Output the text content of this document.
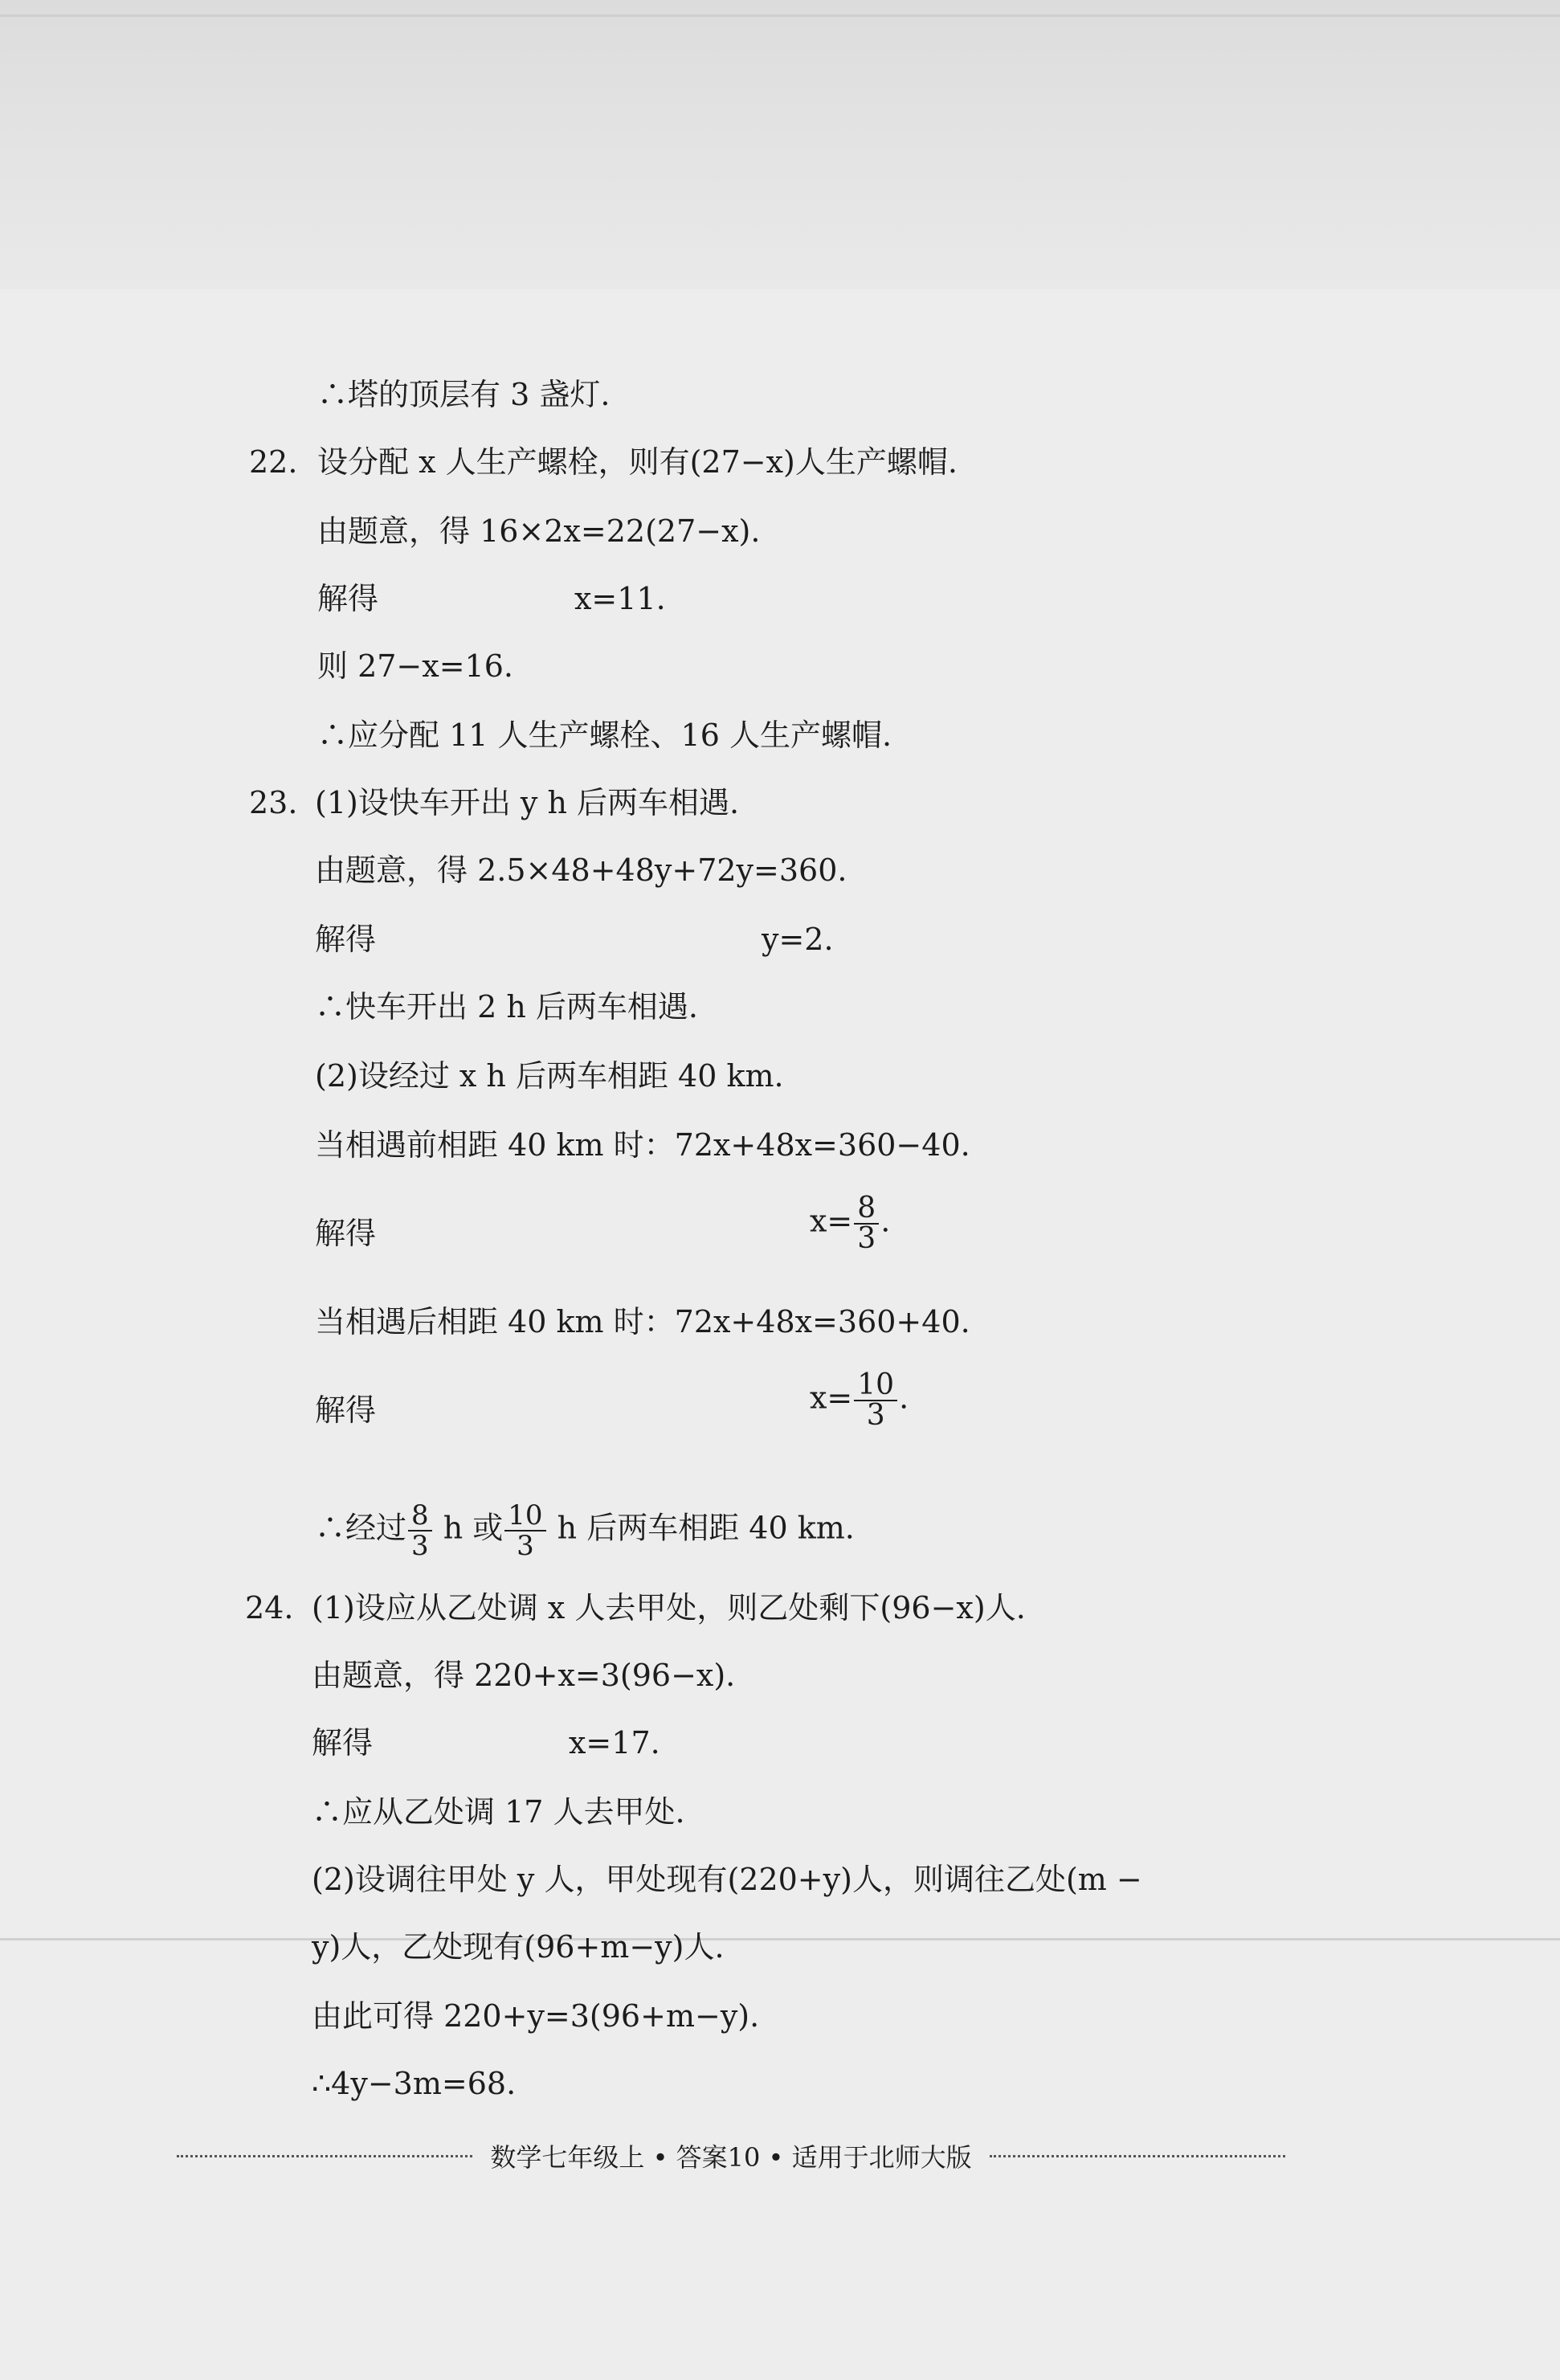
∴塔的顶层有 3 盏灯.
22. 设分配 x 人生产螺栓，则有(27−x)人生产螺帽.
由题意，得 16×2x=22(27−x).
解得	x=11.
则 27−x=16.
∴应分配 11 人生产螺栓、16 人生产螺帽.
23. (1)设快车开出 y h 后两车相遇.
由题意，得 2.5×48+48y+72y=360.
解得	y=2.
∴快车开出 2 h 后两车相遇.
(2)设经过 x h 后两车相距 40 km.
当相遇前相距 40 km 时：72x+48x=360−40.
解得	$x= \frac{8}{3}$ .
当相遇后相距 40 km 时：72x+48x=360+40.
解得	$x= \frac{10}{3}$ .
∴经过 $\frac{8}{3}$ h 或 $\frac{10}{3}$ h 后两车相距 40 km.
24. (1)设应从乙处调 x 人去甲处，则乙处剩下(96−x)人.
由题意，得 220+x=3(96−x).
解得	x=17.
∴应从乙处调 17 人去甲处.
(2)设调往甲处 y 人，甲处现有(220+y)人，则调往乙处(m −
y)人，乙处现有(96+m−y)人.
由此可得 220+y=3(96+m−y).
∴4y−3m=68.
数学七年级上 • 答案10 • 适用于北师大版
